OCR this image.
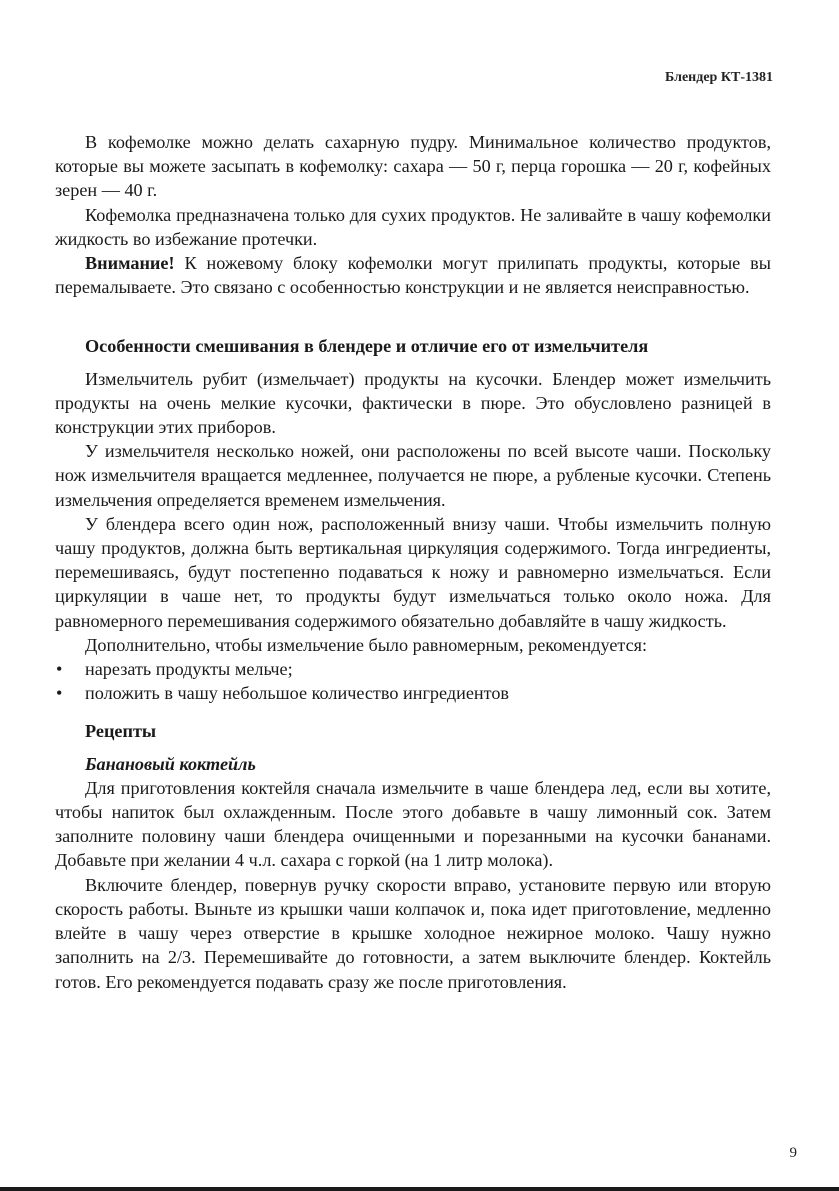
Блендер КТ-1381

В кофемолке можно делать сахарную пудру. Минимальное количество продуктов, которые вы можете засыпать в кофемолку: сахара — 50 г, перца горошка — 20 г, кофейных зерен — 40 г.

Кофемолка предназначена только для сухих продуктов. Не заливайте в чашу кофемолки жидкость во избежание протечки.

Внимание! К ножевому блоку кофемолки могут прилипать продукты, которые вы перемалываете. Это связано с особенностью конструкции и не является неисправностью.

Особенности смешивания в блендере и отличие его от измельчителя

Измельчитель рубит (измельчает) продукты на кусочки. Блендер может измельчить продукты на очень мелкие кусочки, фактически в пюре. Это обусловлено разницей в конструкции этих приборов.

У измельчителя несколько ножей, они расположены по всей высоте чаши. Поскольку нож измельчителя вращается медленнее, получается не пюре, а рубленые кусочки. Степень измельчения определяется временем измельчения.

У блендера всего один нож, расположенный внизу чаши. Чтобы измельчить полную чашу продуктов, должна быть вертикальная циркуляция содержимого. Тогда ингредиенты, перемешиваясь, будут постепенно подаваться к ножу и равномерно измельчаться. Если циркуляции в чаше нет, то продукты будут измельчаться только около ножа. Для равномерного перемешивания содержимого обязательно добавляйте в чашу жидкость.

Дополнительно, чтобы измельчение было равномерным, рекомендуется:

• нарезать продукты мельче;
• положить в чашу небольшое количество ингредиентов
Рецепты
Банановый коктейль

Для приготовления коктейля сначала измельчите в чаше блендера лед, если вы хотите, чтобы напиток был охлажденным. После этого добавьте в чашу лимонный сок. Затем заполните половину чаши блендера очищенными и порезанными на кусочки бананами. Добавьте при желании 4 ч.л. сахара с горкой (на 1 литр молока).

Включите блендер, повернув ручку скорости вправо, установите первую или вторую скорость работы. Выньте из крышки чаши колпачок и, пока идет приготовление, медленно влейте в чашу через отверстие в крышке холодное нежирное молоко. Чашу нужно заполнить на 2/3. Перемешивайте до готовности, а затем выключите блендер. Коктейль готов. Его рекомендуется подавать сразу же после приготовления.

9
